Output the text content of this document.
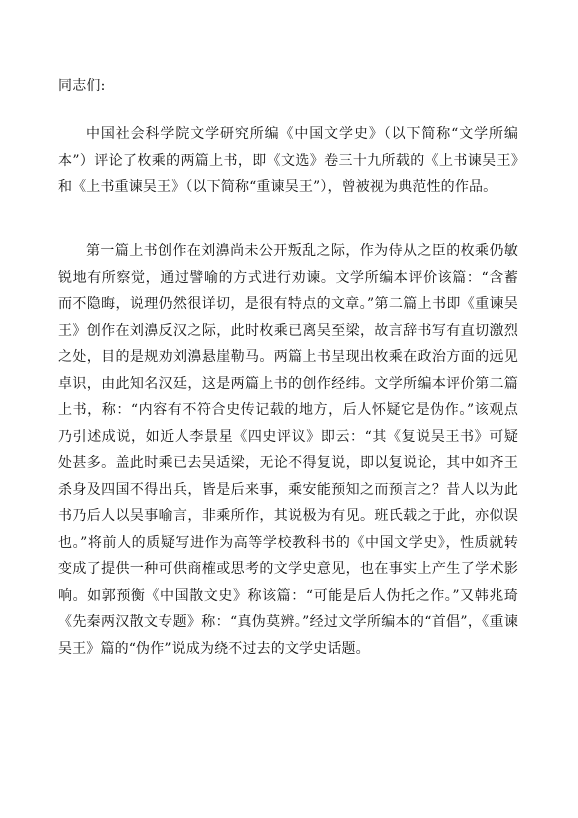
同志们:

中国社会科学院文学研究所编《中国文学史》（以下简称“文学所编本”）评论了枚乘的两篇上书，即《文选》卷三十九所载的《上书谏吴王》和《上书重谏吴王》（以下简称“重谏吴王”），曾被视为典范性的作品。

第一篇上书创作在刘濞尚未公开叛乱之际，作为侍从之臣的枚乘仍敏锐地有所察觉，通过譬喻的方式进行劝谏。文学所编本评价该篇：“含蓄而不隐晦，说理仍然很详切，是很有特点的文章。”第二篇上书即《重谏吴王》创作在刘濞反汉之际，此时枚乘已离吴至梁，故言辞书写有直切激烈之处，目的是规劝刘濞悬崖勒马。两篇上书呈现出枚乘在政治方面的远见卓识，由此知名汉廷，这是两篇上书的创作经纬。文学所编本评价第二篇上书，称：“内容有不符合史传记载的地方，后人怀疑它是伪作。”该观点乃引述成说，如近人李景星《四史评议》即云：“其《复说吴王书》可疑处甚多。盖此时乘已去吴适梁，无论不得复说，即以复说论，其中如齐王杀身及四国不得出兵，皆是后来事，乘安能预知之而预言之？昔人以为此书乃后人以吴事喻言，非乘所作，其说极为有见。班氏载之于此，亦似误也。”将前人的质疑写进作为高等学校教科书的《中国文学史》，性质就转变成了提供一种可供商榷或思考的文学史意见，也在事实上产生了学术影响。如郭预衡《中国散文史》称该篇：“可能是后人伪托之作。”又韩兆琦《先秦两汉散文专题》称：“真伪莫辨。”经过文学所编本的“首倡”，《重谏吴王》篇的“伪作”说成为绕不过去的文学史话题。
